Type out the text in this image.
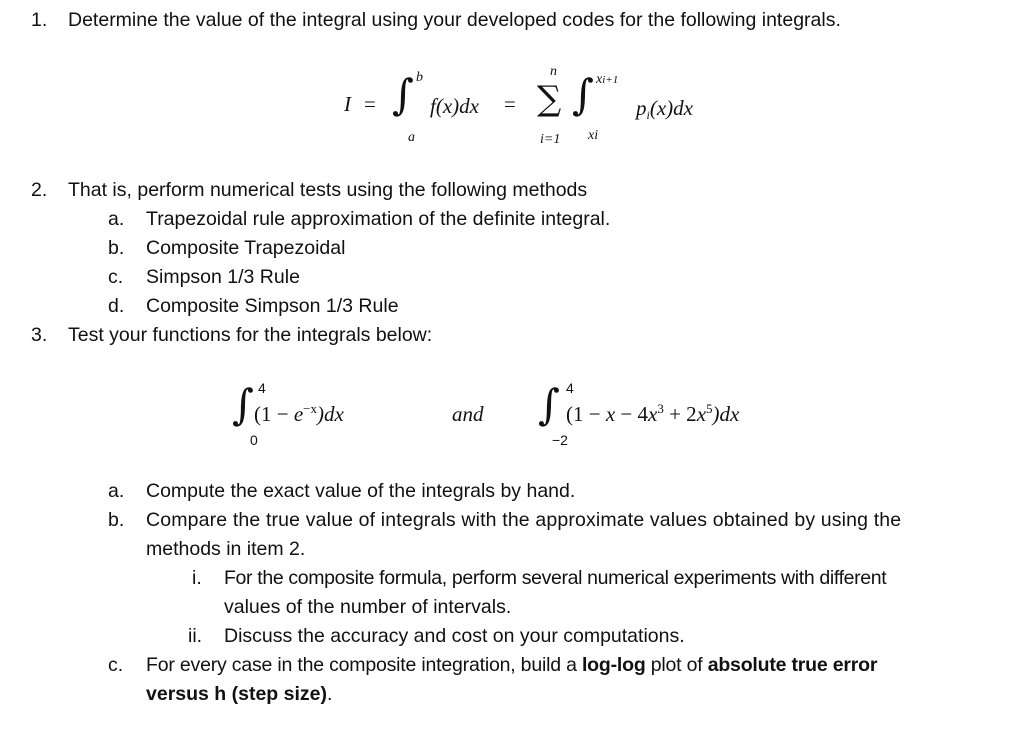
1. Determine the value of the integral using your developed codes for the following integrals.
I = ∫ b
a
f(x)dx =
n
∑
i=1
∫ xi+1
xi
pi(x)dx
2. That is, perform numerical tests using the following methods
a. Trapezoidal rule approximation of the definite integral.
b. Composite Trapezoidal
c. Simpson 1/3 Rule
d. Composite Simpson 1/3 Rule
3. Test your functions for the integrals below:
∫ 4
0
$(1 - e^{-x})dx$	and ∫ 4
−2
$(1 - x - 4x^3 + 2x^5)dx$
a. Compute the exact value of the integrals by hand.
b. Compare the true value of integrals with the approximate values obtained by using the
methods in item 2.
i. For the composite formula, perform several numerical experiments with different
values of the number of intervals.
ii. Discuss the accuracy and cost on your computations.
c. For every case in the composite integration, build a log-log plot of absolute true error
versus h (step size).
